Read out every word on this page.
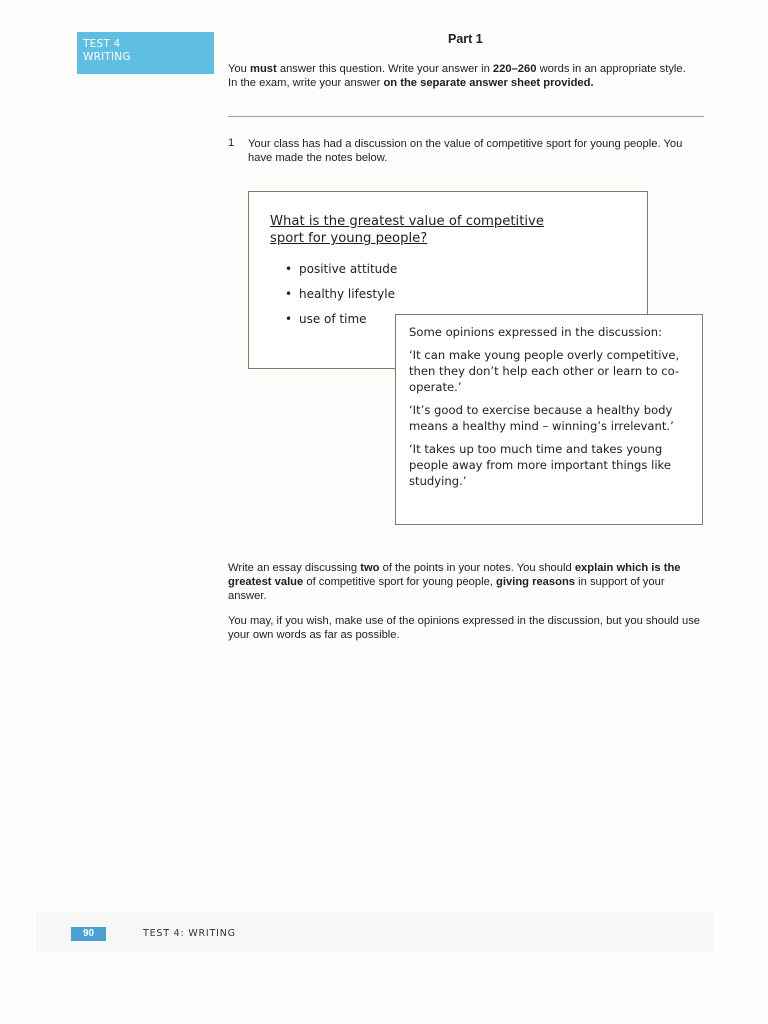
TEST 4
WRITING
Part 1
You must answer this question. Write your answer in 220–260 words in an appropriate style. In the exam, write your answer on the separate answer sheet provided.
1 Your class has had a discussion on the value of competitive sport for young people. You have made the notes below.
What is the greatest value of competitive sport for young people?
• positive attitude
• healthy lifestyle
• use of time

Some opinions expressed in the discussion:

‘It can make young people overly competitive, then they don’t help each other or learn to co-operate.’

‘It’s good to exercise because a healthy body means a healthy mind – winning’s irrelevant.’

‘It takes up too much time and takes young people away from more important things like studying.’

Write an essay discussing two of the points in your notes. You should explain which is the greatest value of competitive sport for young people, giving reasons in support of your answer.

You may, if you wish, make use of the opinions expressed in the discussion, but you should use your own words as far as possible.

90	TEST 4: WRITING
